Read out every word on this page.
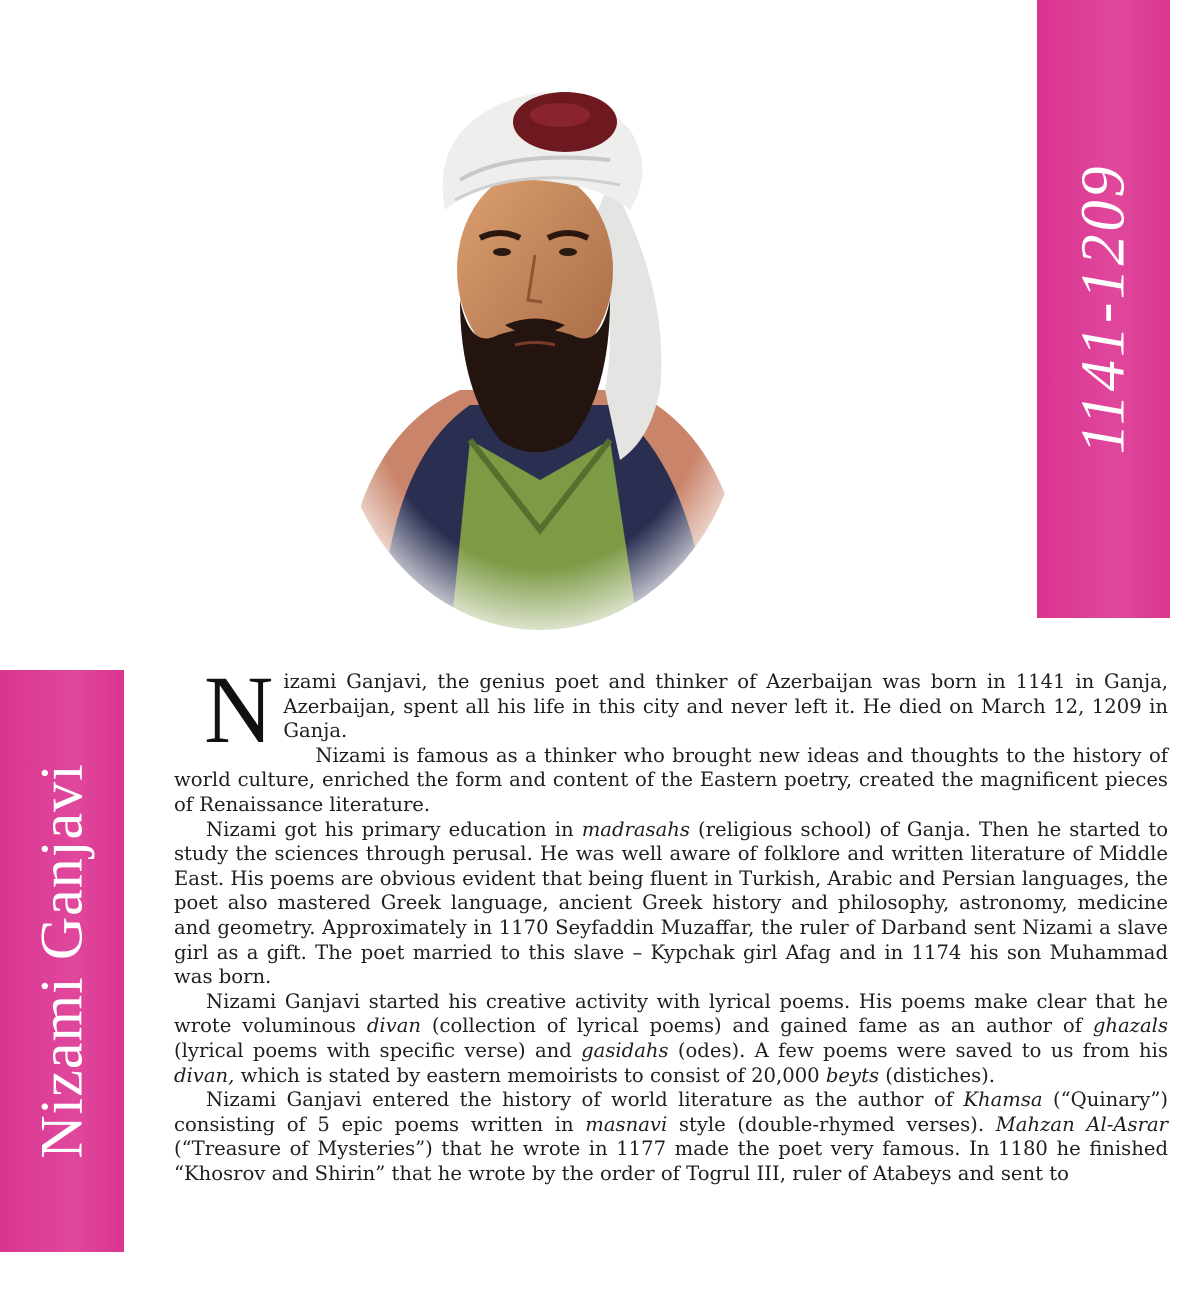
1141-1209
Nizami Ganjavi

Nizami Ganjavi, the genius poet and thinker of Azerbaijan was born in 1141 in Ganja, Azerbaijan, spent all his life in this city and never left it. He died on March 12, 1209 in Ganja.

Nizami is famous as a thinker who brought new ideas and thoughts to the history of world culture, enriched the form and content of the Eastern poetry, created the magnificent pieces of Renaissance literature.

Nizami got his primary education in madrasahs (religious school) of Ganja. Then he started to study the sciences through perusal. He was well aware of folklore and written literature of Middle East. His poems are obvious evident that being fluent in Turkish, Arabic and Persian languages, the poet also mastered Greek language, ancient Greek history and philosophy, astronomy, medicine and geometry. Approximately in 1170 Seyfaddin Muzaffar, the ruler of Darband sent Nizami a slave girl as a gift. The poet married to this slave – Kypchak girl Afag and in 1174 his son Muhammad was born.

Nizami Ganjavi started his creative activity with lyrical poems. His poems make clear that he wrote voluminous divan (collection of lyrical poems) and gained fame as an author of ghazals (lyrical poems with specific verse) and gasidahs (odes). A few poems were saved to us from his divan, which is stated by eastern memoirists to consist of 20,000 beyts (distiches).

Nizami Ganjavi entered the history of world literature as the author of Khamsa (“Quinary”) consisting of 5 epic poems written in masnavi style (double-rhymed verses). Mahzan Al-Asrar (“Treasure of Mysteries”) that he wrote in 1177 made the poet very famous. In 1180 he finished “Khosrov and Shirin” that he wrote by the order of Togrul III, ruler of Atabeys and sent to
